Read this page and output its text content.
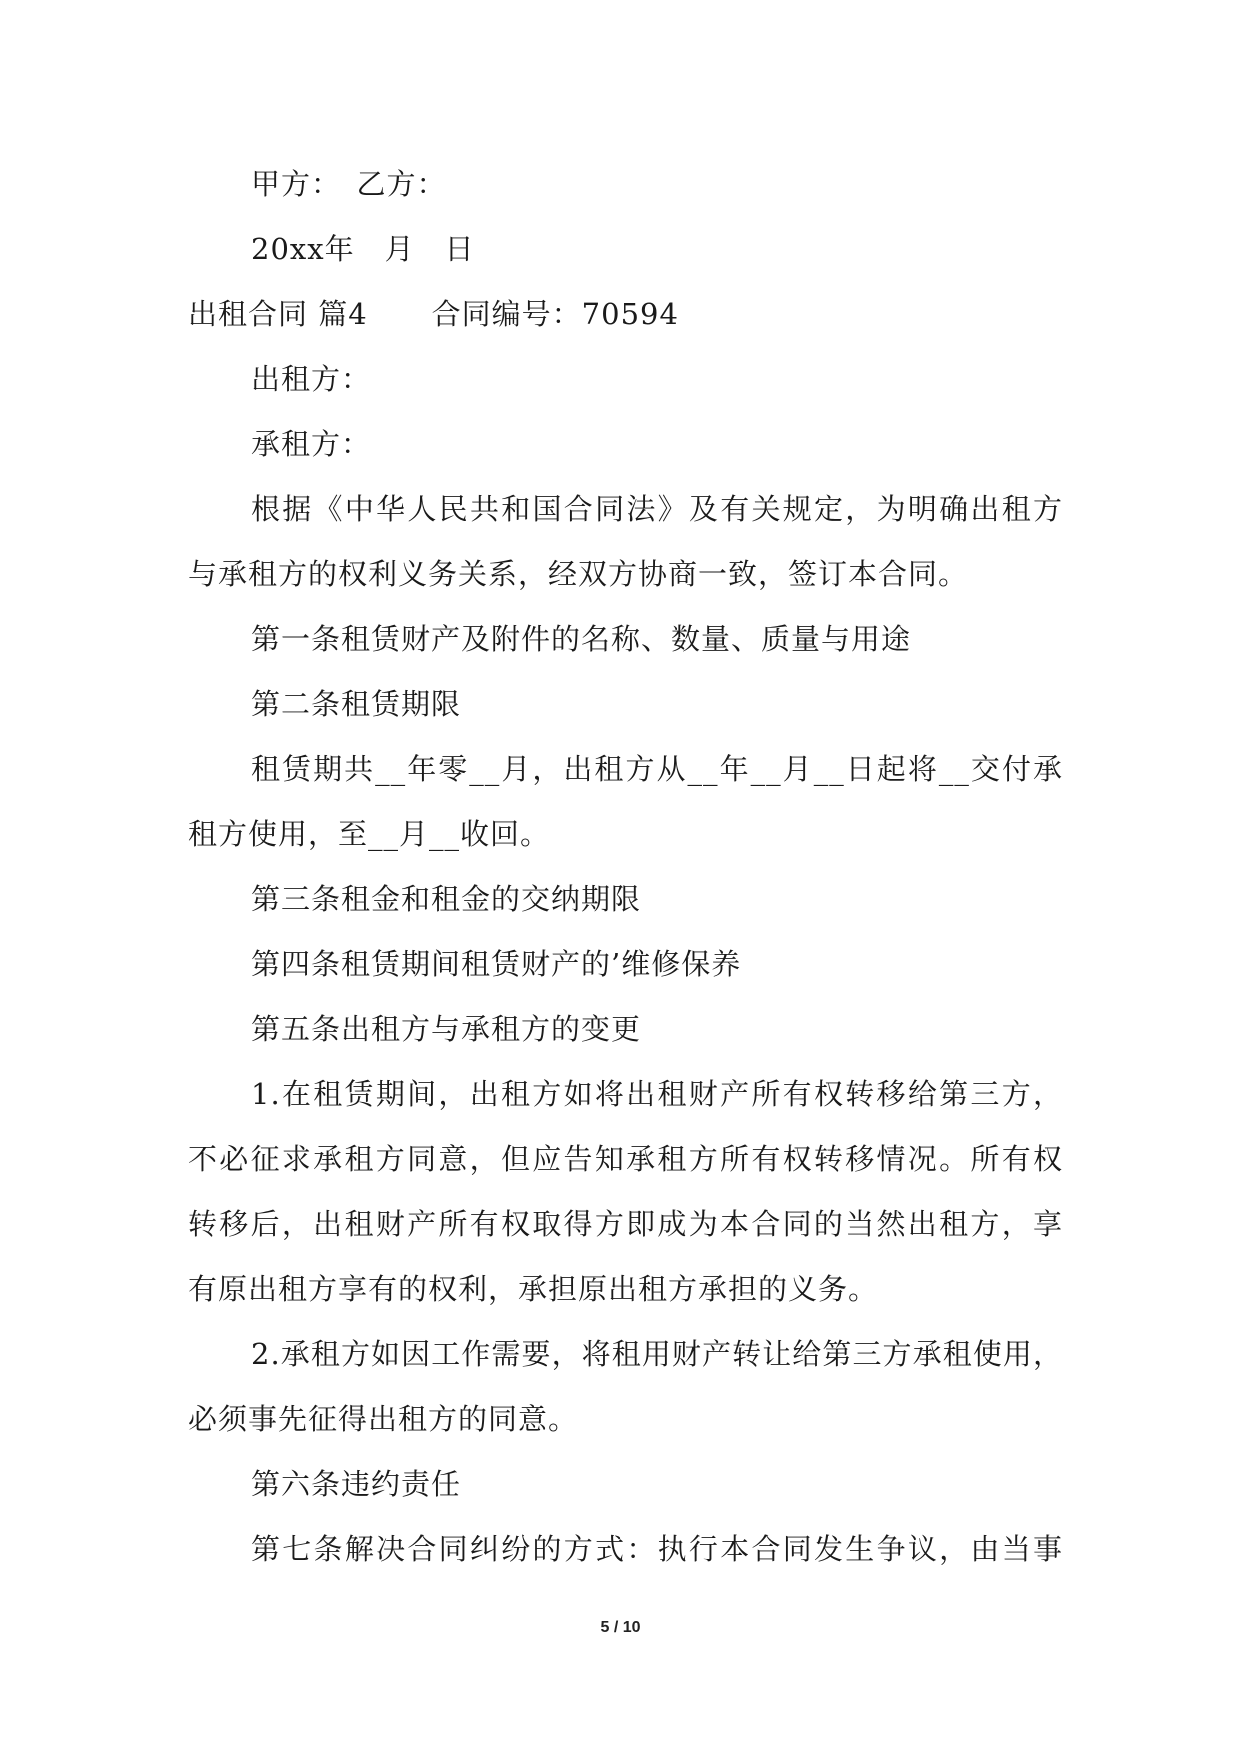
甲方：　乙方：
20xx年　月　日
出租合同 篇4 合同编号：70594
出租方：
承租方：
根据《中华人民共和国合同法》及有关规定，为明确出租方
与承租方的权利义务关系，经双方协商一致，签订本合同。
第一条租赁财产及附件的名称、数量、质量与用途
第二条租赁期限
租赁期共__年零__月，出租方从__年__月__日起将__交付承
租方使用，至__月__收回。
第三条租金和租金的交纳期限
第四条租赁期间租赁财产的’维修保养
第五条出租方与承租方的变更
1.在租赁期间，出租方如将出租财产所有权转移给第三方，
不必征求承租方同意，但应告知承租方所有权转移情况。所有权
转移后，出租财产所有权取得方即成为本合同的当然出租方，享
有原出租方享有的权利，承担原出租方承担的义务。
2.承租方如因工作需要，将租用财产转让给第三方承租使用，
必须事先征得出租方的同意。
第六条违约责任
第七条解决合同纠纷的方式：执行本合同发生争议，由当事
5 / 10
